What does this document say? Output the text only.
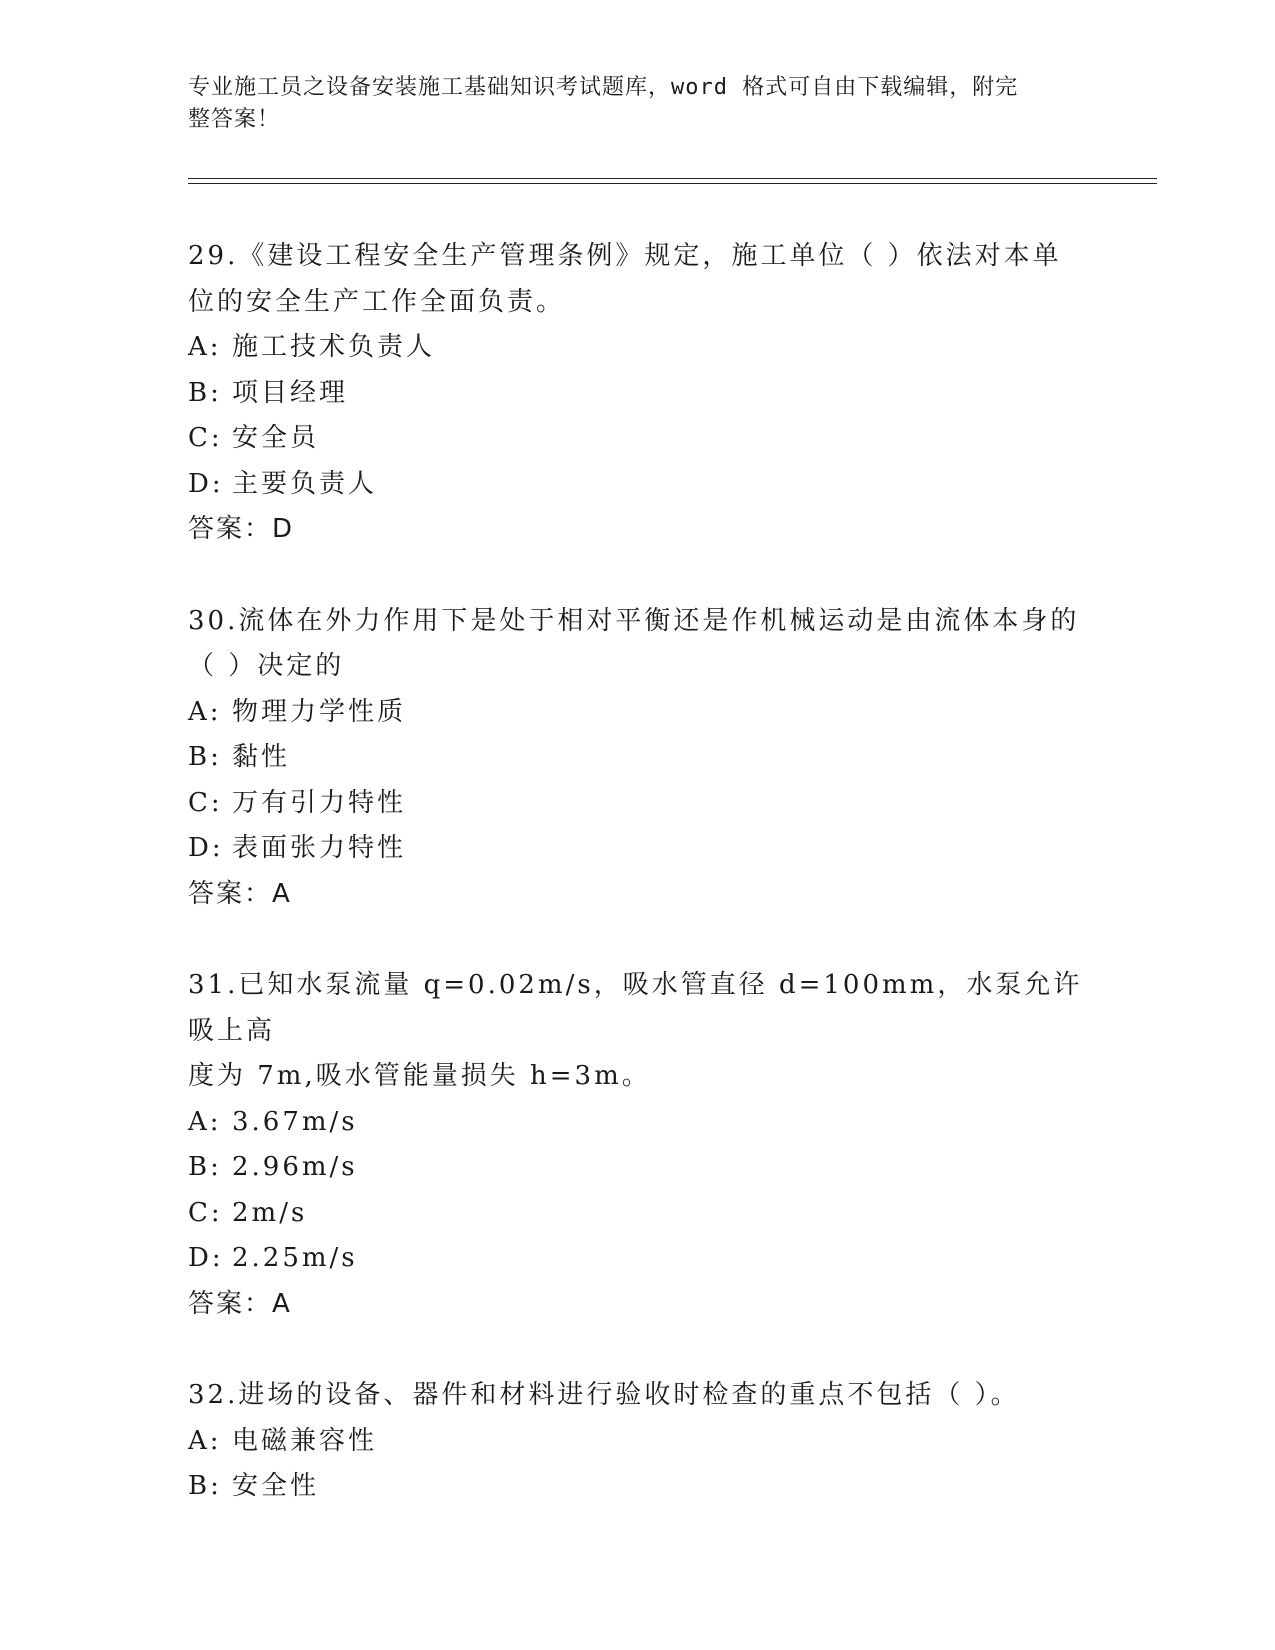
专业施工员之设备安装施工基础知识考试题库，word 格式可自由下载编辑，附完
整答案！
29.《建设工程安全生产管理条例》规定，施工单位（ ）依法对本单
位的安全生产工作全面负责。
A: 施工技术负责人
B: 项目经理
C: 安全员
D: 主要负责人
答案：D
30.流体在外力作用下是处于相对平衡还是作机械运动是由流体本身的
（ ）决定的
A: 物理力学性质
B: 黏性
C: 万有引力特性
D: 表面张力特性
答案：A
31.已知水泵流量 q=0.02m/s，吸水管直径 d=100mm，水泵允许吸上高
度为 7m,吸水管能量损失 h=3m。
A: 3.67m/s
B: 2.96m/s
C: 2m/s
D: 2.25m/s
答案：A
32.进场的设备、器件和材料进行验收时检查的重点不包括（ ）。
A: 电磁兼容性
B: 安全性
